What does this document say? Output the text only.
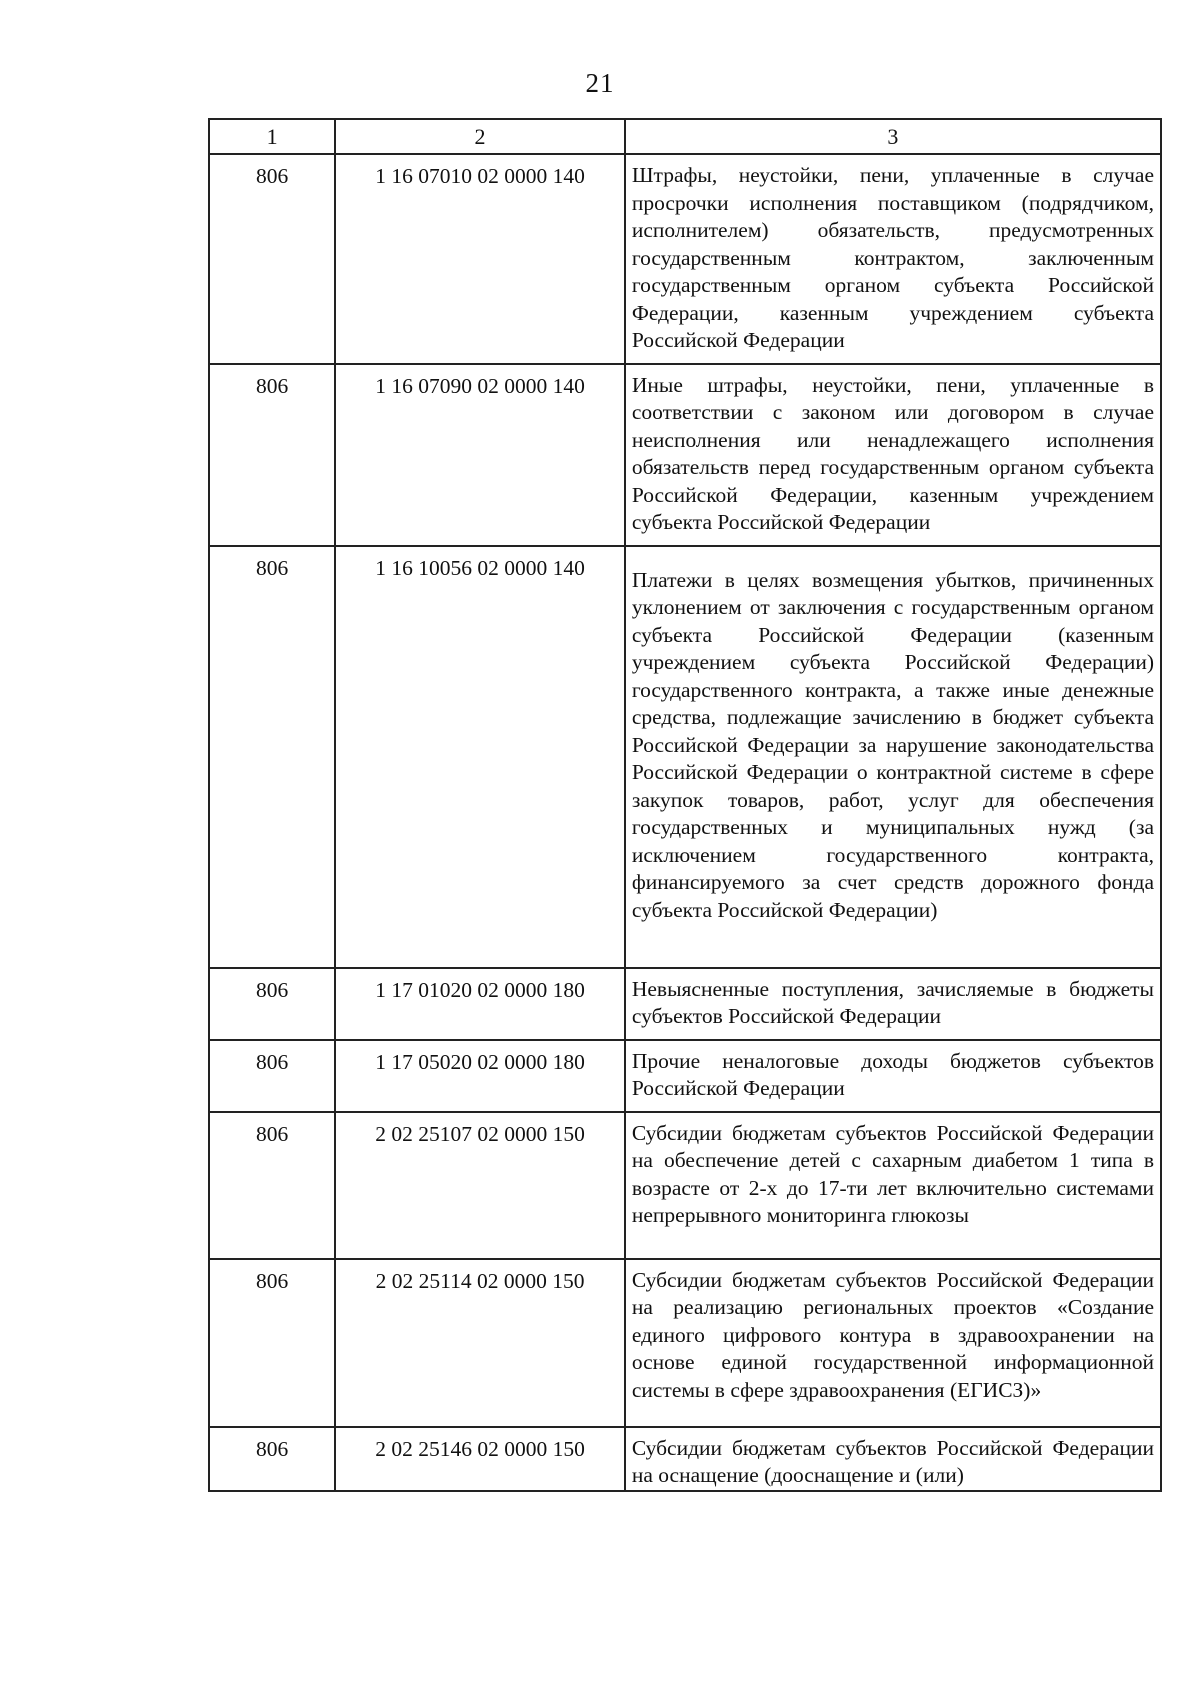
21
1	2	3
806	1 16 07010 02 0000 140	Штрафы, неустойки, пени, уплаченные в случае просрочки исполнения поставщиком (подрядчиком, исполнителем) обязательств, предусмотренных государственным контрактом, заключенным государственным органом субъекта Российской Федерации, казенным учреждением субъекта Российской Федерации
806	1 16 07090 02 0000 140	Иные штрафы, неустойки, пени, уплаченные в соответствии с законом или договором в случае неисполнения или ненадлежащего исполнения обязательств перед государственным органом субъекта Российской Федерации, казенным учреждением субъекта Российской Федерации
806	1 16 10056 02 0000 140	Платежи в целях возмещения убытков, причиненных уклонением от заключения с государственным органом субъекта Российской Федерации (казенным учреждением субъекта Российской Федерации) государственного контракта, а также иные денежные средства, подлежащие зачислению в бюджет субъекта Российской Федерации за нарушение законодательства Российской Федерации о контрактной системе в сфере закупок товаров, работ, услуг для обеспечения государственных и муниципальных нужд (за исключением государственного контракта, финансируемого за счет средств дорожного фонда субъекта Российской Федерации)
806	1 17 01020 02 0000 180	Невыясненные поступления, зачисляемые в бюджеты субъектов Российской Федерации
806	1 17 05020 02 0000 180	Прочие неналоговые доходы бюджетов субъектов Российской Федерации
806	2 02 25107 02 0000 150	Субсидии бюджетам субъектов Российской Федерации на обеспечение детей с сахарным диабетом 1 типа в возрасте от 2-х до 17-ти лет включительно системами непрерывного мониторинга глюкозы
806	2 02 25114 02 0000 150	Субсидии бюджетам субъектов Российской Федерации на реализацию региональных проектов «Создание единого цифрового контура в здравоохранении на основе единой государственной информационной системы в сфере здравоохранения (ЕГИСЗ)»
806	2 02 25146 02 0000 150	Субсидии бюджетам субъектов Российской Федерации на оснащение (дооснащение и (или)
